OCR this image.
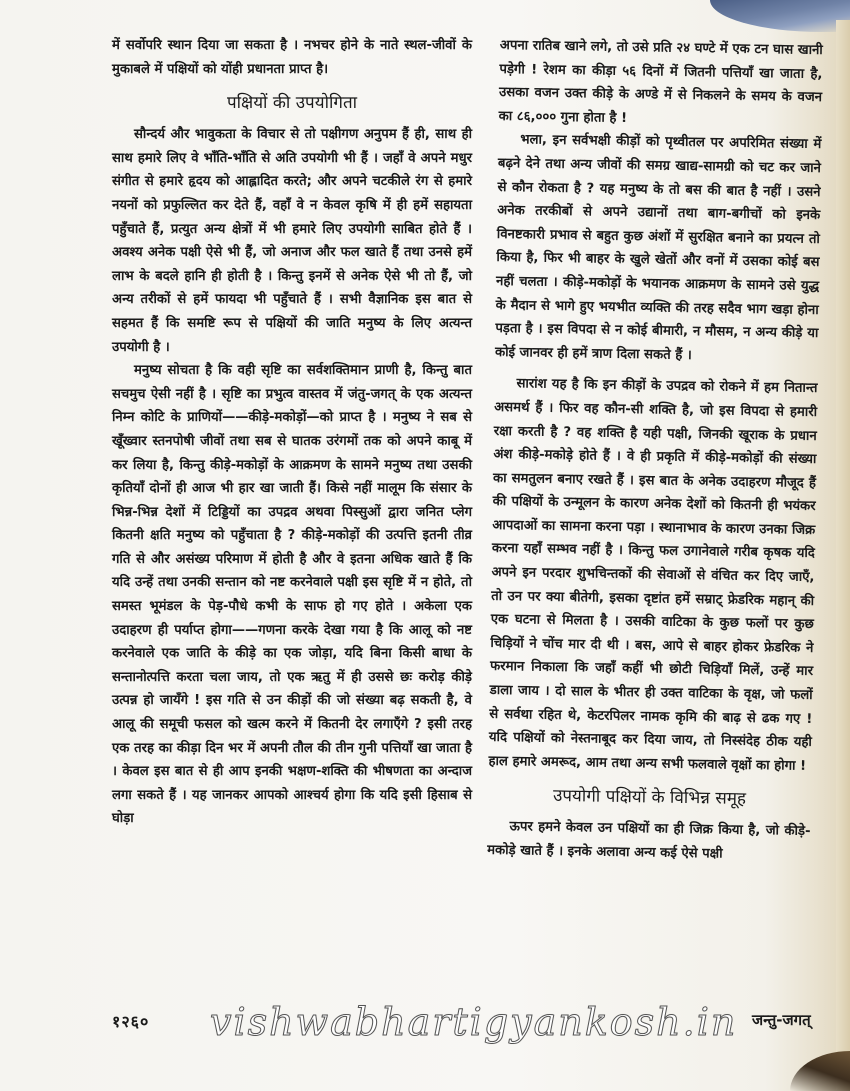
में सर्वोपरि स्थान दिया जा सकता है । नभचर होने के नाते स्थल-जीवों के मुकाबले में पक्षियों को योंही प्रधानता प्राप्त है।

पक्षियों की उपयोगिता

सौन्दर्य और भावुकता के विचार से तो पक्षीगण अनुपम हैं ही, साथ ही साथ हमारे लिए वे भाँति-भाँति से अति उपयोगी भी हैं । जहाँ वे अपने मधुर संगीत से हमारे हृदय को आह्लादित करते; और अपने चटकीले रंग से हमारे नयनों को प्रफुल्लित कर देते हैं, वहाँ वे न केवल कृषि में ही हमें सहायता पहुँचाते हैं, प्रत्युत अन्य क्षेत्रों में भी हमारे लिए उपयोगी साबित होते हैं । अवश्य अनेक पक्षी ऐसे भी हैं, जो अनाज और फल खाते हैं तथा उनसे हमें लाभ के बदले हानि ही होती है । किन्तु इनमें से अनेक ऐसे भी तो हैं, जो अन्य तरीकों से हमें फायदा भी पहुँचाते हैं । सभी वैज्ञानिक इस बात से सहमत हैं कि समष्टि रूप से पक्षियों की जाति मनुष्य के लिए अत्यन्त उपयोगी है ।

मनुष्य सोचता है कि वही सृष्टि का सर्वशक्तिमान प्राणी है, किन्तु बात सचमुच ऐसी नहीं है । सृष्टि का प्रभुत्व वास्तव में जंतु-जगत् के एक अत्यन्त निम्न कोटि के प्राणियों——कीड़े-मकोड़ों—को प्राप्त है । मनुष्य ने सब से खूँख्वार स्तनपोषी जीवों तथा सब से घातक उरंगमों तक को अपने काबू में कर लिया है, किन्तु कीड़े-मकोड़ों के आक्रमण के सामने मनुष्य तथा उसकी कृतियाँ दोनों ही आज भी हार खा जाती हैं। किसे नहीं मालूम कि संसार के भिन्न-भिन्न देशों में टिड्डियों का उपद्रव अथवा पिस्सुओं द्वारा जनित प्लेग कितनी क्षति मनुष्य को पहुँचाता है ? कीड़े-मकोड़ों की उत्पत्ति इतनी तीव्र गति से और असंख्य परिमाण में होती है और वे इतना अधिक खाते हैं कि यदि उन्हें तथा उनकी सन्तान को नष्ट करनेवाले पक्षी इस सृष्टि में न होते, तो समस्त भूमंडल के पेड़-पौधे कभी के साफ हो गए होते । अकेला एक उदाहरण ही पर्याप्त होगा——गणना करके देखा गया है कि आलू को नष्ट करनेवाले एक जाति के कीड़े का एक जोड़ा, यदि बिना किसी बाधा के सन्तानोत्पत्ति करता चला जाय, तो एक ऋतु में ही उससे छः करोड़ कीड़े उत्पन्न हो जायँगे ! इस गति से उन कीड़ों की जो संख्या बढ़ सकती है, वे आलू की समूची फसल को खत्म करने में कितनी देर लगाएँगे ? इसी तरह एक तरह का कीड़ा दिन भर में अपनी तौल की तीन गुनी पत्तियाँ खा जाता है । केवल इस बात से ही आप इनकी भक्षण-शक्ति की भीषणता का अन्दाज लगा सकते हैं । यह जानकर आपको आश्चर्य होगा कि यदि इसी हिसाब से घोड़ा

अपना रातिब खाने लगे, तो उसे प्रति २४ घण्टे में एक टन घास खानी पड़ेगी ! रेशम का कीड़ा ५६ दिनों में जितनी पत्तियाँ खा जाता है, उसका वजन उक्त कीड़े के अण्डे में से निकलने के समय के वजन का ८६,००० गुना होता है !

भला, इन सर्वभक्षी कीड़ों को पृथ्वीतल पर अपरिमित संख्या में बढ़ने देने तथा अन्य जीवों की समग्र खाद्य-सामग्री को चट कर जाने से कौन रोकता है ? यह मनुष्य के तो बस की बात है नहीं । उसने अनेक तरकीबों से अपने उद्यानों तथा बाग-बगीचों को इनके विनष्टकारी प्रभाव से बहुत कुछ अंशों में सुरक्षित बनाने का प्रयत्न तो किया है, फिर भी बाहर के खुले खेतों और वनों में उसका कोई बस नहीं चलता । कीड़े-मकोड़ों के भयानक आक्रमण के सामने उसे युद्ध के मैदान से भागे हुए भयभीत व्यक्ति की तरह सदैव भाग खड़ा होना पड़ता है । इस विपदा से न कोई बीमारी, न मौसम, न अन्य कीड़े या कोई जानवर ही हमें त्राण दिला सकते हैं ।

सारांश यह है कि इन कीड़ों के उपद्रव को रोकने में हम नितान्त असमर्थ हैं । फिर वह कौन-सी शक्ति है, जो इस विपदा से हमारी रक्षा करती है ? वह शक्ति है यही पक्षी, जिनकी खूराक के प्रधान अंश कीड़े-मकोड़े होते हैं । वे ही प्रकृति में कीड़े-मकोड़ों की संख्या का समतुलन बनाए रखते हैं । इस बात के अनेक उदाहरण मौजूद हैं की पक्षियों के उन्मूलन के कारण अनेक देशों को कितनी ही भयंकर आपदाओं का सामना करना पड़ा । स्थानाभाव के कारण उनका जिक्र करना यहाँ सम्भव नहीं है । किन्तु फल उगानेवाले गरीब कृषक यदि अपने इन परदार शुभचिन्तकों की सेवाओं से वंचित कर दिए जाएँ, तो उन पर क्या बीतेगी, इसका दृष्टांत हमें सम्राट् फ्रेडरिक महान् की एक घटना से मिलता है । उसकी वाटिका के कुछ फलों पर कुछ चिड़ियों ने चोंच मार दी थी । बस, आपे से बाहर होकर फ्रेडरिक ने फरमान निकाला कि जहाँ कहीं भी छोटी चिड़ियाँ मिलें, उन्हें मार डाला जाय । दो साल के भीतर ही उक्त वाटिका के वृक्ष, जो फलों से सर्वथा रहित थे, केटरपिलर नामक कृमि की बाढ़ से ढक गए ! यदि पक्षियों को नेस्तनाबूद कर दिया जाय, तो निस्संदेह ठीक यही हाल हमारे अमरूद, आम तथा अन्य सभी फलवाले वृक्षों का होगा !

उपयोगी पक्षियों के विभिन्न समूह

ऊपर हमने केवल उन पक्षियों का ही जिक्र किया है, जो कीड़े-मकोड़े खाते हैं । इनके अलावा अन्य कई ऐसे पक्षी

१२६० vishwabhartigyankosh.in जन्तु-जगत्
